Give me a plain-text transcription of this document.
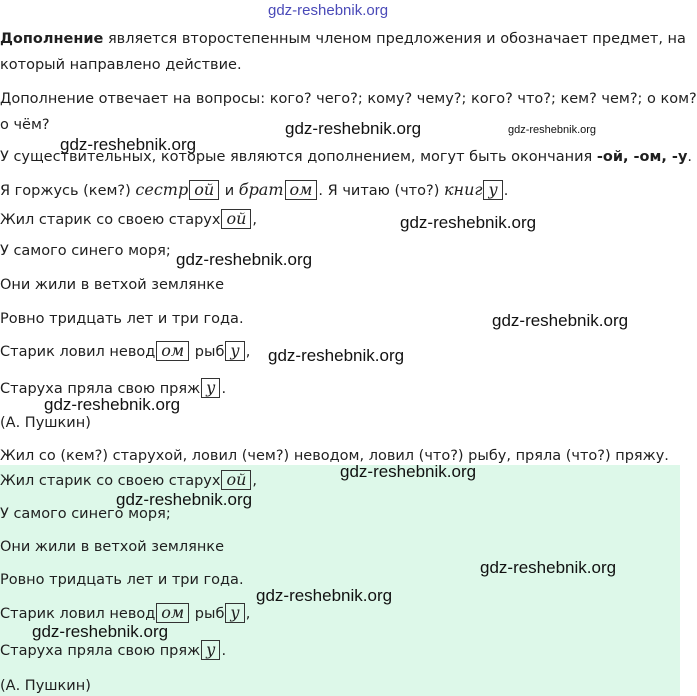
gdz-reshebnik.org
Дополнение является второстепенным членом предложения и обозначает предмет, на
который направлено действие.
Дополнение отвечает на вопросы: кого? чего?; кому? чему?; кого? что?; кем? чем?; о ком?
о чём?
gdz-reshebnik.org
gdz-reshebnik.org	gdz-reshebnik.org
У существительных, которые являются дополнением, могут быть окончания -ой, -ом, -у.
Я горжусь (кем?) сестр ой и брат ом . Я читаю (что?) книг у .
Жил старик со своею старух ой ,	gdz-reshebnik.org
У самого синего моря; gdz-reshebnik.org
Они жили в ветхой землянке
Ровно тридцать лет и три года.	gdz-reshebnik.org
Старик ловил невод ом рыб у , gdz-reshebnik.org
Старуха пряла свою пряж у .
gdz-reshebnik.org
(А. Пушкин)
Жил со (кем?) старухой, ловил (чем?) неводом, ловил (что?) рыбу, пряла (что?) пряжу.
Жил старик со своею старух ой ,	gdz-reshebnik.org
gdz-reshebnik.org
У самого синего моря;
Они жили в ветхой землянке
gdz-reshebnik.org
Ровно тридцать лет и три года.
gdz-reshebnik.org
Старик ловил невод ом рыб у ,
gdz-reshebnik.org
Старуха пряла свою пряж у .
(А. Пушкин)
